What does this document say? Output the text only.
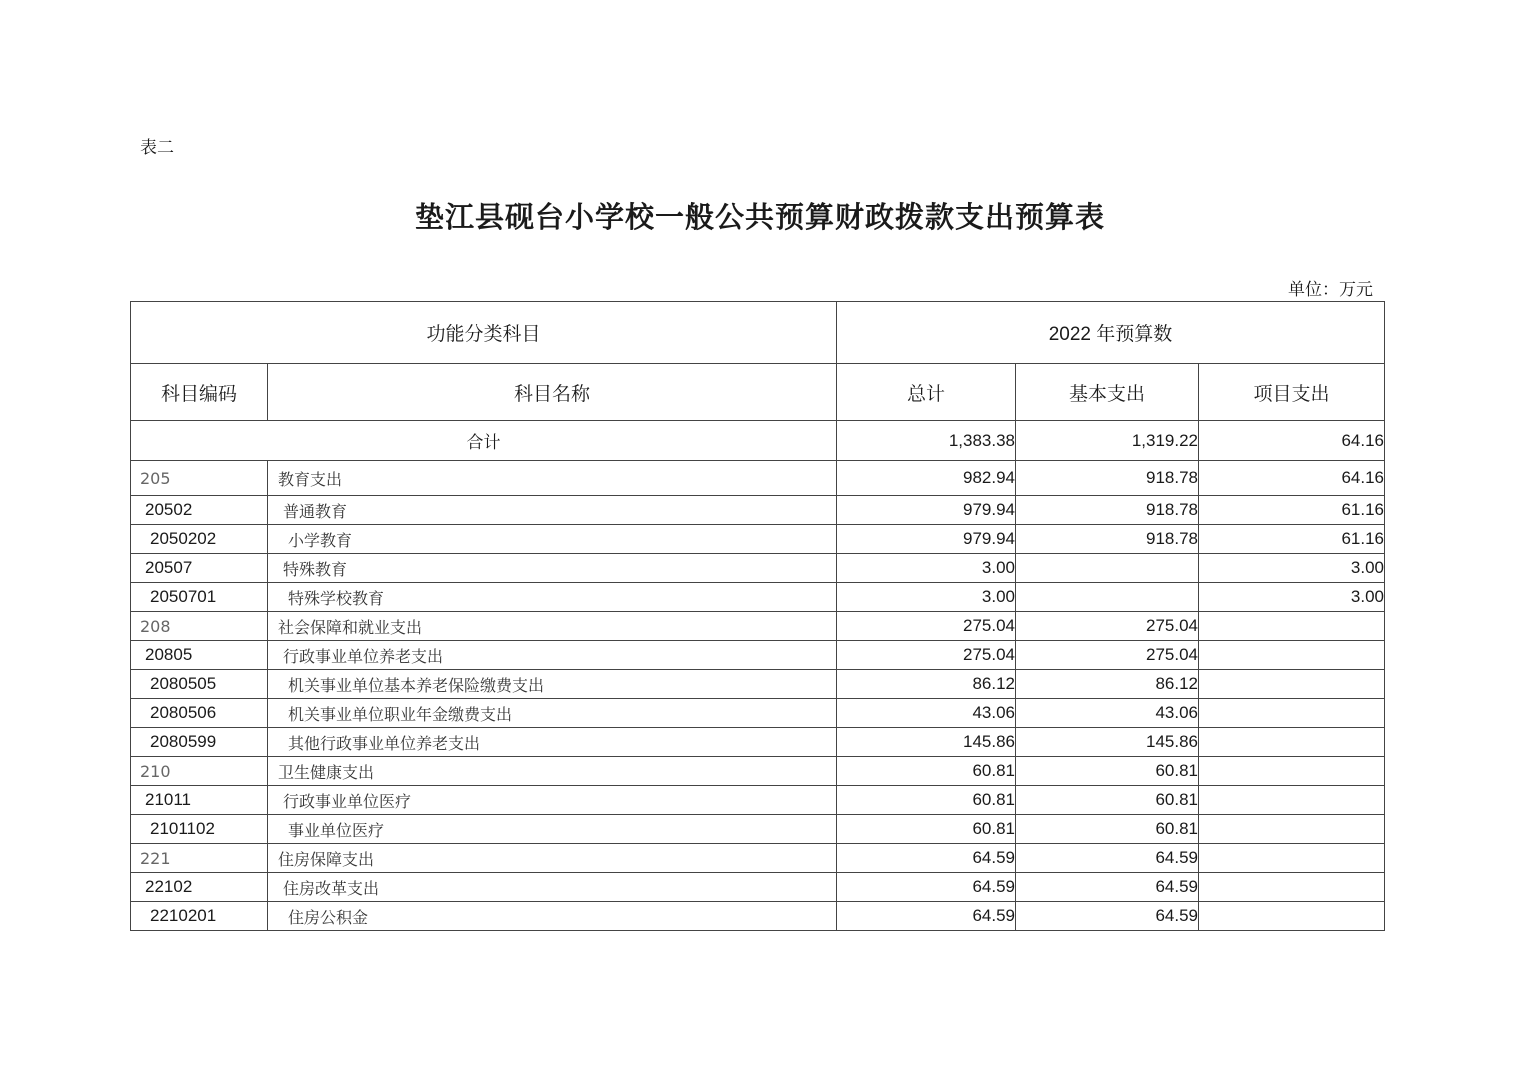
表二
垫江县砚台小学校一般公共预算财政拨款支出预算表
单位：万元
功能分类科目		2022 年预算数		
科目编码	科目名称	总计	基本支出	项目支出
合计		1,383.38	1,319.22	64.16
205	教育支出	982.94	918.78	64.16
20502	普通教育	979.94	918.78	61.16
2050202	小学教育	979.94	918.78	61.16
20507	特殊教育	3.00		3.00
2050701	特殊学校教育	3.00		3.00
208	社会保障和就业支出	275.04	275.04	
20805	行政事业单位养老支出	275.04	275.04	
2080505	机关事业单位基本养老保险缴费支出	86.12	86.12	
2080506	机关事业单位职业年金缴费支出	43.06	43.06	
2080599	其他行政事业单位养老支出	145.86	145.86	
210	卫生健康支出	60.81	60.81	
21011	行政事业单位医疗	60.81	60.81	
2101102	事业单位医疗	60.81	60.81	
221	住房保障支出	64.59	64.59	
22102	住房改革支出	64.59	64.59	
2210201	住房公积金	64.59	64.59	
